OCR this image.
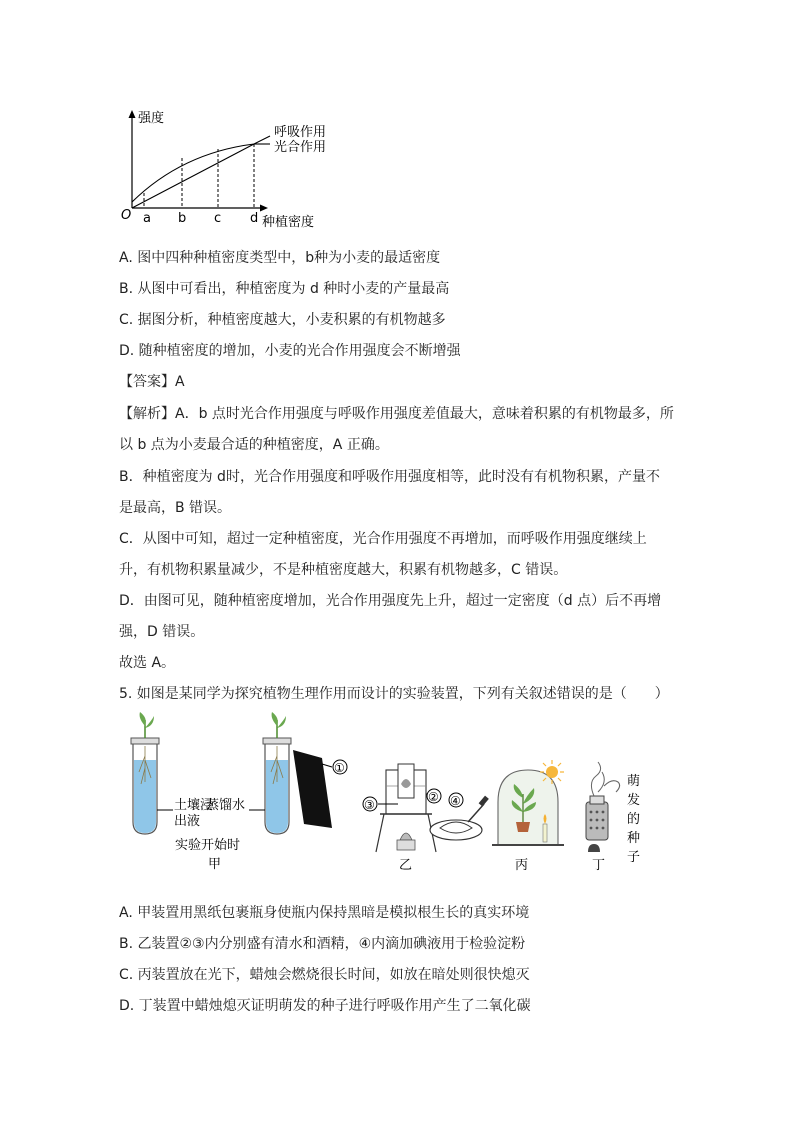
强度
O a b c d 种植密度
呼吸作用
光合作用
A. 图中四种种植密度类型中，b种为小麦的最适密度
B. 从图中可看出，种植密度为 d 种时小麦的产量最高
C. 据图分析，种植密度越大，小麦积累的有机物越多
D. 随种植密度的增加，小麦的光合作用强度会不断增强
【答案】A
【解析】A．b 点时光合作用强度与呼吸作用强度差值最大，意味着积累的有机物最多，所
以 b 点为小麦最合适的种植密度，A 正确。
B．种植密度为 d时，光合作用强度和呼吸作用强度相等，此时没有有机物积累，产量不
是最高，B 错误。
C．从图中可知，超过一定种植密度，光合作用强度不再增加，而呼吸作用强度继续上
升，有机物积累量减少，不是种植密度越大，积累有机物越多，C 错误。
D．由图可见，随种植密度增加，光合作用强度先上升，超过一定密度（d 点）后不再增
强，D 错误。
故选 A。
5. 如图是某同学为探究植物生理作用而设计的实验装置，下列有关叙述错误的是（　　）
土壤浸
出液
蒸馏水
①
实验开始时
甲
②
③
乙
④
丙
萌
发
的
种
子
丁
A. 甲装置用黑纸包裹瓶身使瓶内保持黑暗是模拟根生长的真实环境
B. 乙装置②③内分别盛有清水和酒精，④内滴加碘液用于检验淀粉
C. 丙装置放在光下，蜡烛会燃烧很长时间，如放在暗处则很快熄灭
D. 丁装置中蜡烛熄灭证明萌发的种子进行呼吸作用产生了二氧化碳
